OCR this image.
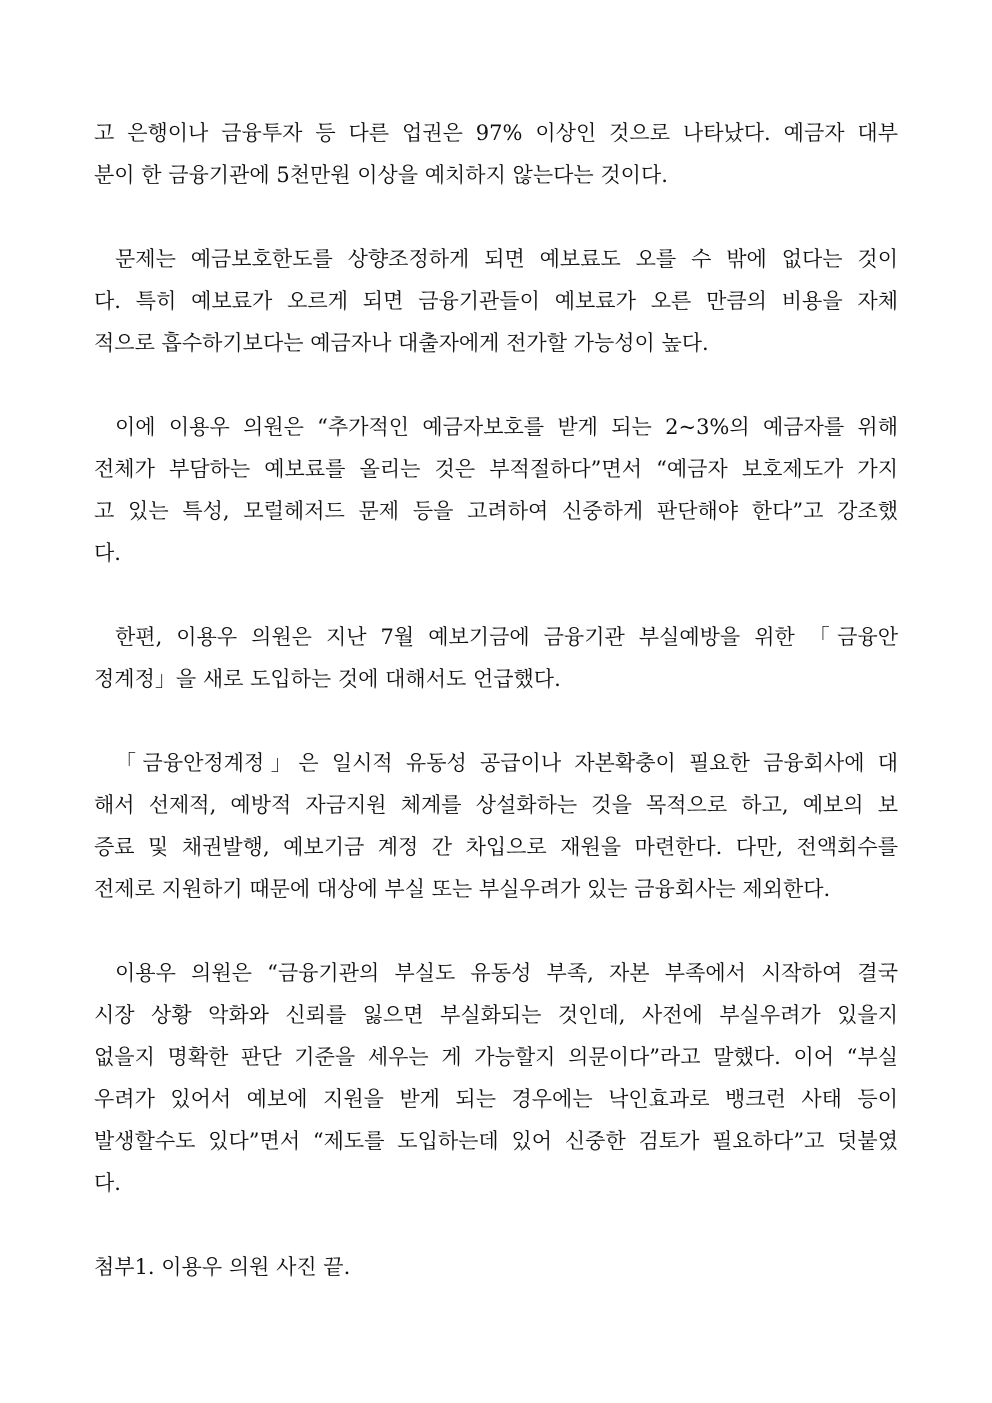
고 은행이나 금융투자 등 다른 업권은 97% 이상인 것으로 나타났다. 예금자 대부
분이 한 금융기관에 5천만원 이상을 예치하지 않는다는 것이다.
문제는 예금보호한도를 상향조정하게 되면 예보료도 오를 수 밖에 없다는 것이
다. 특히 예보료가 오르게 되면 금융기관들이 예보료가 오른 만큼의 비용을 자체
적으로 흡수하기보다는 예금자나 대출자에게 전가할 가능성이 높다.
이에 이용우 의원은 “추가적인 예금자보호를 받게 되는 2~3%의 예금자를 위해
전체가 부담하는 예보료를 올리는 것은 부적절하다”면서 “예금자 보호제도가 가지
고 있는 특성, 모럴헤저드 문제 등을 고려하여 신중하게 판단해야 한다”고 강조했
다.
한편, 이용우 의원은 지난 7월 예보기금에 금융기관 부실예방을 위한 「금융안
정계정」을 새로 도입하는 것에 대해서도 언급했다.
「금융안정계정」은 일시적 유동성 공급이나 자본확충이 필요한 금융회사에 대
해서 선제적, 예방적 자금지원 체계를 상설화하는 것을 목적으로 하고, 예보의 보
증료 및 채권발행, 예보기금 계정 간 차입으로 재원을 마련한다. 다만, 전액회수를
전제로 지원하기 때문에 대상에 부실 또는 부실우려가 있는 금융회사는 제외한다.
이용우 의원은 “금융기관의 부실도 유동성 부족, 자본 부족에서 시작하여 결국
시장 상황 악화와 신뢰를 잃으면 부실화되는 것인데, 사전에 부실우려가 있을지
없을지 명확한 판단 기준을 세우는 게 가능할지 의문이다”라고 말했다. 이어 “부실
우려가 있어서 예보에 지원을 받게 되는 경우에는 낙인효과로 뱅크런 사태 등이
발생할수도 있다”면서 “제도를 도입하는데 있어 신중한 검토가 필요하다”고 덧붙였
다.
첨부1. 이용우 의원 사진 끝.
